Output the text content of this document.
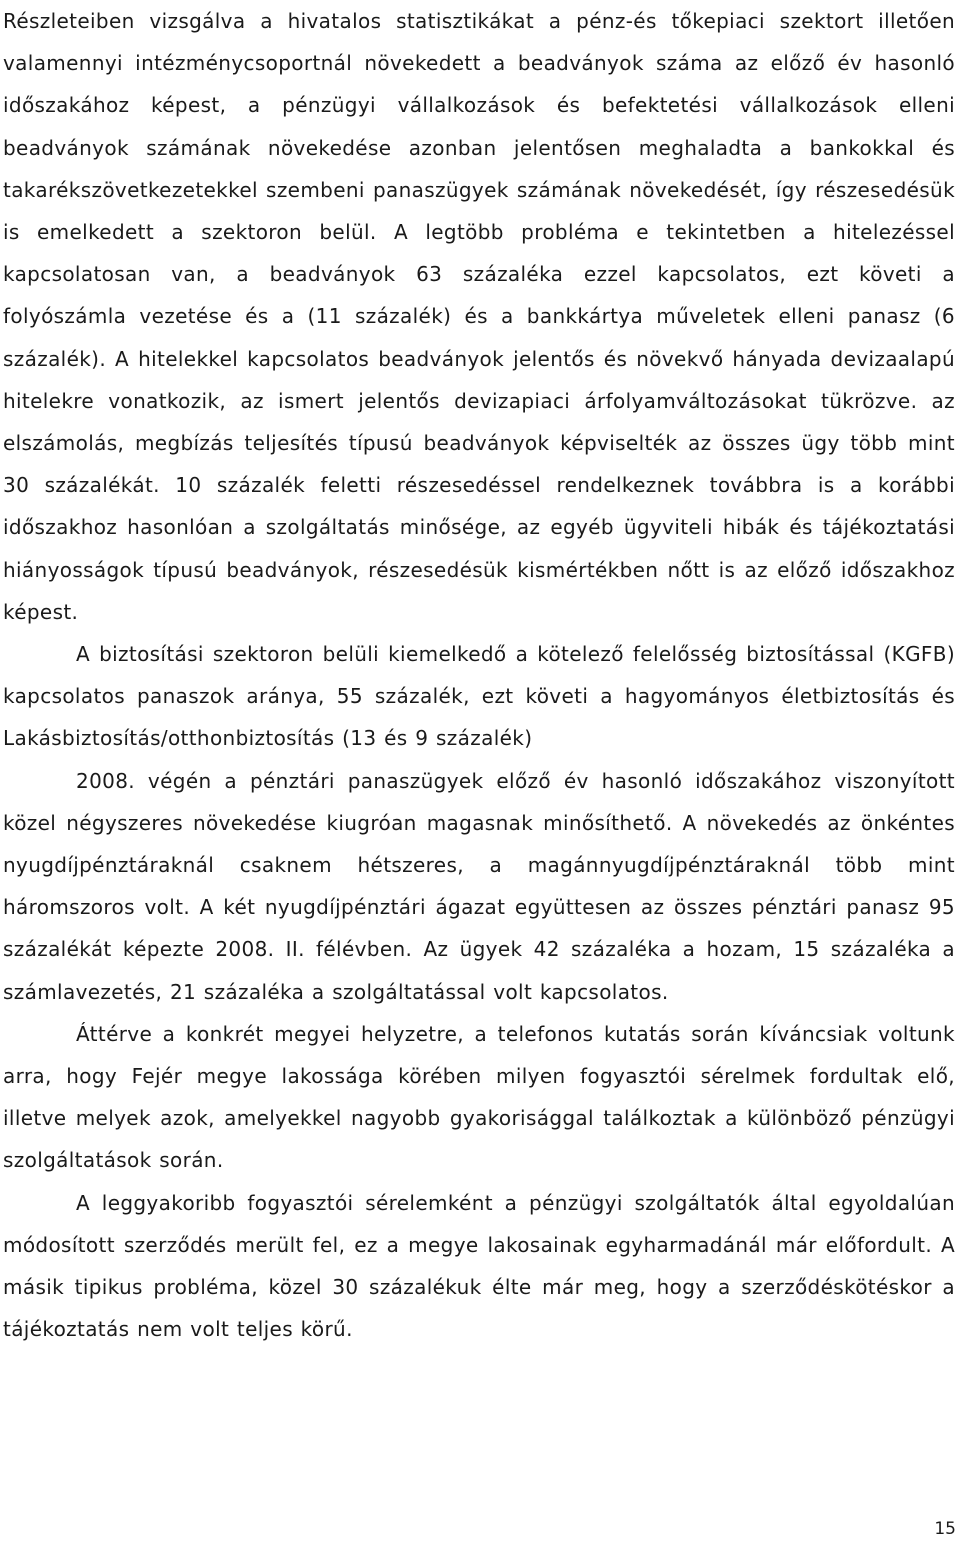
Részleteiben vizsgálva a hivatalos statisztikákat a pénz-és tőkepiaci szektort illetően valamennyi intézménycsoportnál növekedett a beadványok száma az előző év hasonló időszakához képest, a pénzügyi vállalkozások és befektetési vállalkozások elleni beadványok számának növekedése azonban jelentősen meghaladta a bankokkal és takarékszövetkezetekkel szembeni panaszügyek számának növekedését, így részesedésük is emelkedett a szektoron belül. A legtöbb probléma e tekintetben a hitelezéssel kapcsolatosan van, a beadványok 63 százaléka ezzel kapcsolatos, ezt követi a folyószámla vezetése és a (11 százalék) és a bankkártya műveletek elleni panasz (6 százalék). A hitelekkel kapcsolatos beadványok jelentős és növekvő hányada devizaalapú hitelekre vonatkozik, az ismert jelentős devizapiaci árfolyamváltozásokat tükrözve. az elszámolás, megbízás teljesítés típusú beadványok képviselték az összes ügy több mint 30 százalékát. 10 százalék feletti részesedéssel rendelkeznek továbbra is a korábbi időszakhoz hasonlóan a szolgáltatás minősége, az egyéb ügyviteli hibák és tájékoztatási hiányosságok típusú beadványok, részesedésük kismértékben nőtt is az előző időszakhoz képest.

A biztosítási szektoron belüli kiemelkedő a kötelező felelősség biztosítással (KGFB) kapcsolatos panaszok aránya, 55 százalék, ezt követi a hagyományos életbiztosítás és Lakásbiztosítás/otthonbiztosítás (13 és 9 százalék)

2008. végén a pénztári panaszügyek előző év hasonló időszakához viszonyított közel négyszeres növekedése kiugróan magasnak minősíthető. A növekedés az önkéntes nyugdíjpénztáraknál csaknem hétszeres, a magánnyugdíjpénztáraknál több mint háromszoros volt. A két nyugdíjpénztári ágazat együttesen az összes pénztári panasz 95 százalékát képezte 2008. II. félévben. Az ügyek 42 százaléka a hozam, 15 százaléka a számlavezetés, 21 százaléka a szolgáltatással volt kapcsolatos.

Áttérve a konkrét megyei helyzetre, a telefonos kutatás során kíváncsiak voltunk arra, hogy Fejér megye lakossága körében milyen fogyasztói sérelmek fordultak elő, illetve melyek azok, amelyekkel nagyobb gyakorisággal találkoztak a különböző pénzügyi szolgáltatások során.

A leggyakoribb fogyasztói sérelemként a pénzügyi szolgáltatók által egyoldalúan módosított szerződés merült fel, ez a megye lakosainak egyharmadánál már előfordult. A másik tipikus probléma, közel 30 százalékuk élte már meg, hogy a szerződéskötéskor a tájékoztatás nem volt teljes körű.

15
